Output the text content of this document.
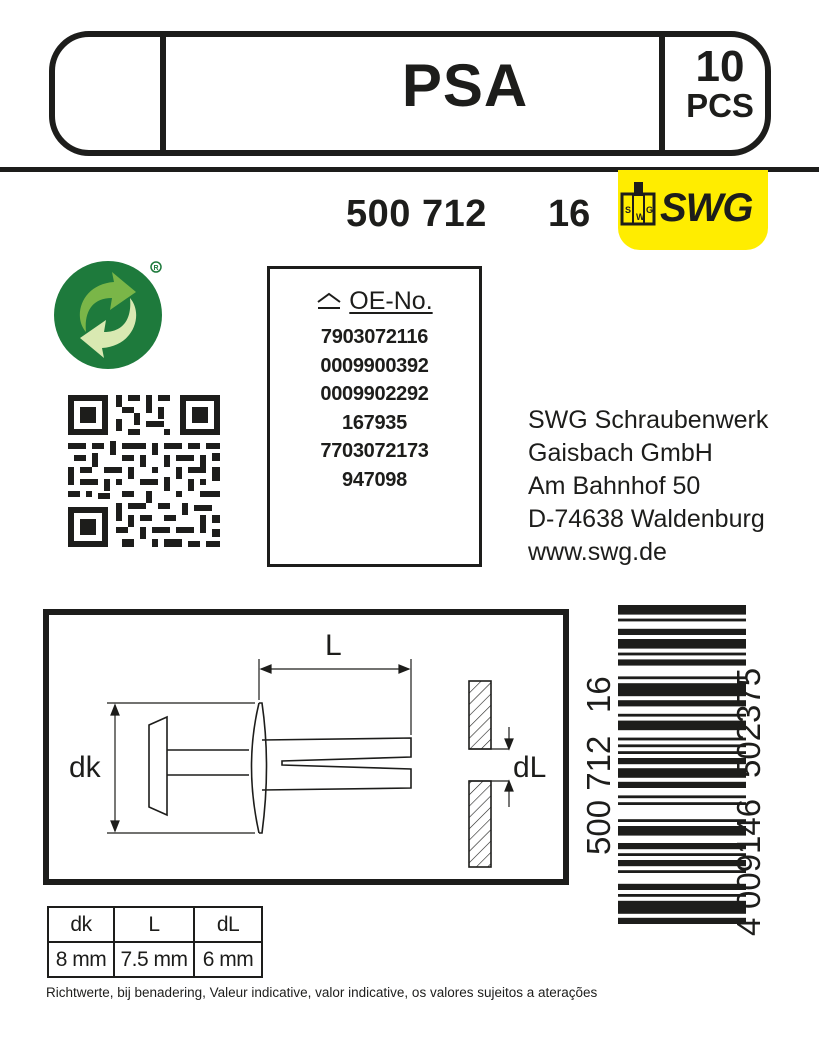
PSA	10
PCS
500 712 16	S
W
G SWG
R
OE-No.
7903072116
0009900392
0009902292
167935
7703072173
947098
SWG Schraubenwerk
Gaisbach GmbH
Am Bahnhof 50
D-74638 Waldenburg
www.swg.de
L
dk	dL
4
009146
502375
500 712
16
dk	L	dL
8 mm	7.5 mm	6 mm
Richtwerte, bij benadering, Valeur indicative, valor indicative, os valores sujeitos a aterações
